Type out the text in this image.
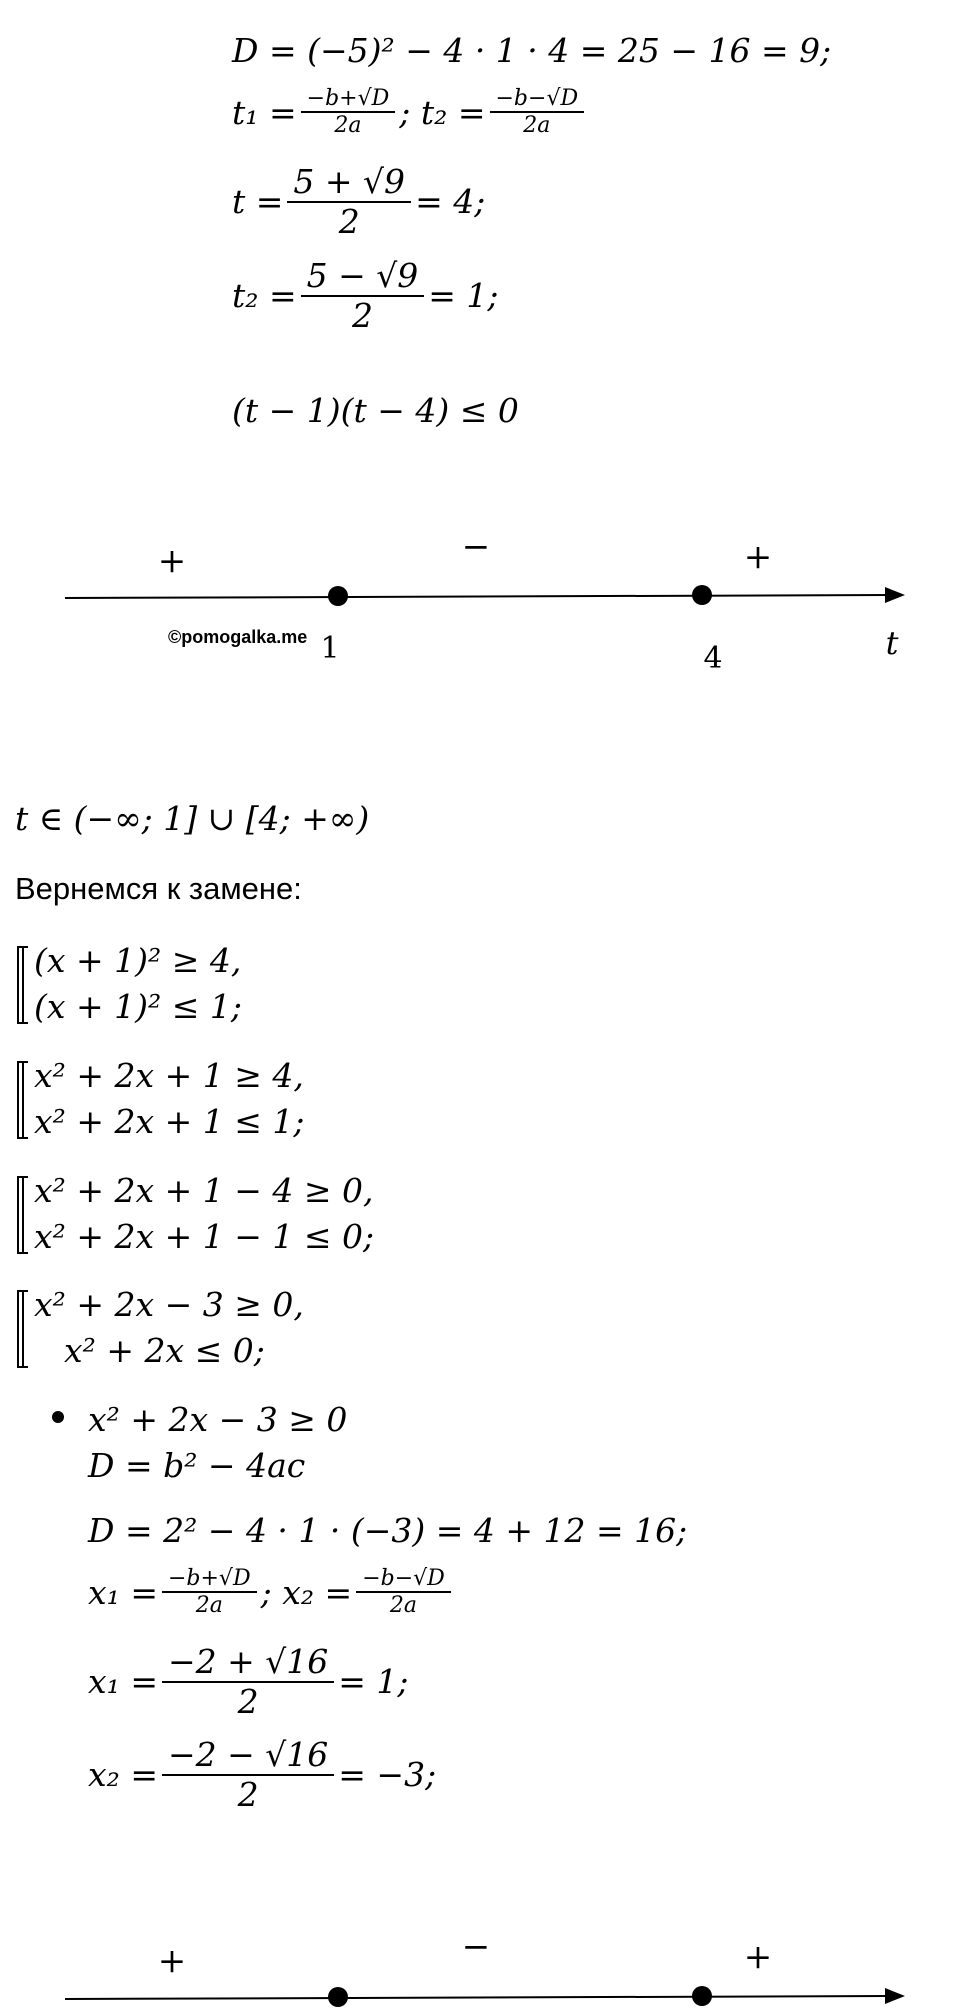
D = (−5)² − 4 · 1 · 4 = 25 − 16 = 9;
$t_1 = \frac{-b+√D}{2a}$ ; $t_2 = \frac{-b-√D}{2a}$
$t = \frac{5 + √9}{2} = 4$;
$t_2 = \frac{5 - √9}{2} = 1$;
(t − 1)(t − 4) ≤ 0
+	−	+
1	4	t
©pomogalka.me
t ∈ (−∞; 1] ∪ [4; +∞)
Вернемся к замене:
(x + 1)² ≥ 4,
(x + 1)² ≤ 1;
x² + 2x + 1 ≥ 4,
x² + 2x + 1 ≤ 1;
x² + 2x + 1 − 4 ≥ 0,
x² + 2x + 1 − 1 ≤ 0;
x² + 2x − 3 ≥ 0,
x² + 2x ≤ 0;
x² + 2x − 3 ≥ 0
D = b² − 4ac
D = 2² − 4 · 1 · (−3) = 4 + 12 = 16;
$x_1 = \frac{-b+√D}{2a}$ ; $x_2 = \frac{-b-√D}{2a}$
$x_1 = \frac{-2 + √16}{2} = 1$;
$x_2 = \frac{-2 - √16}{2} = -3$;
+	−	+
